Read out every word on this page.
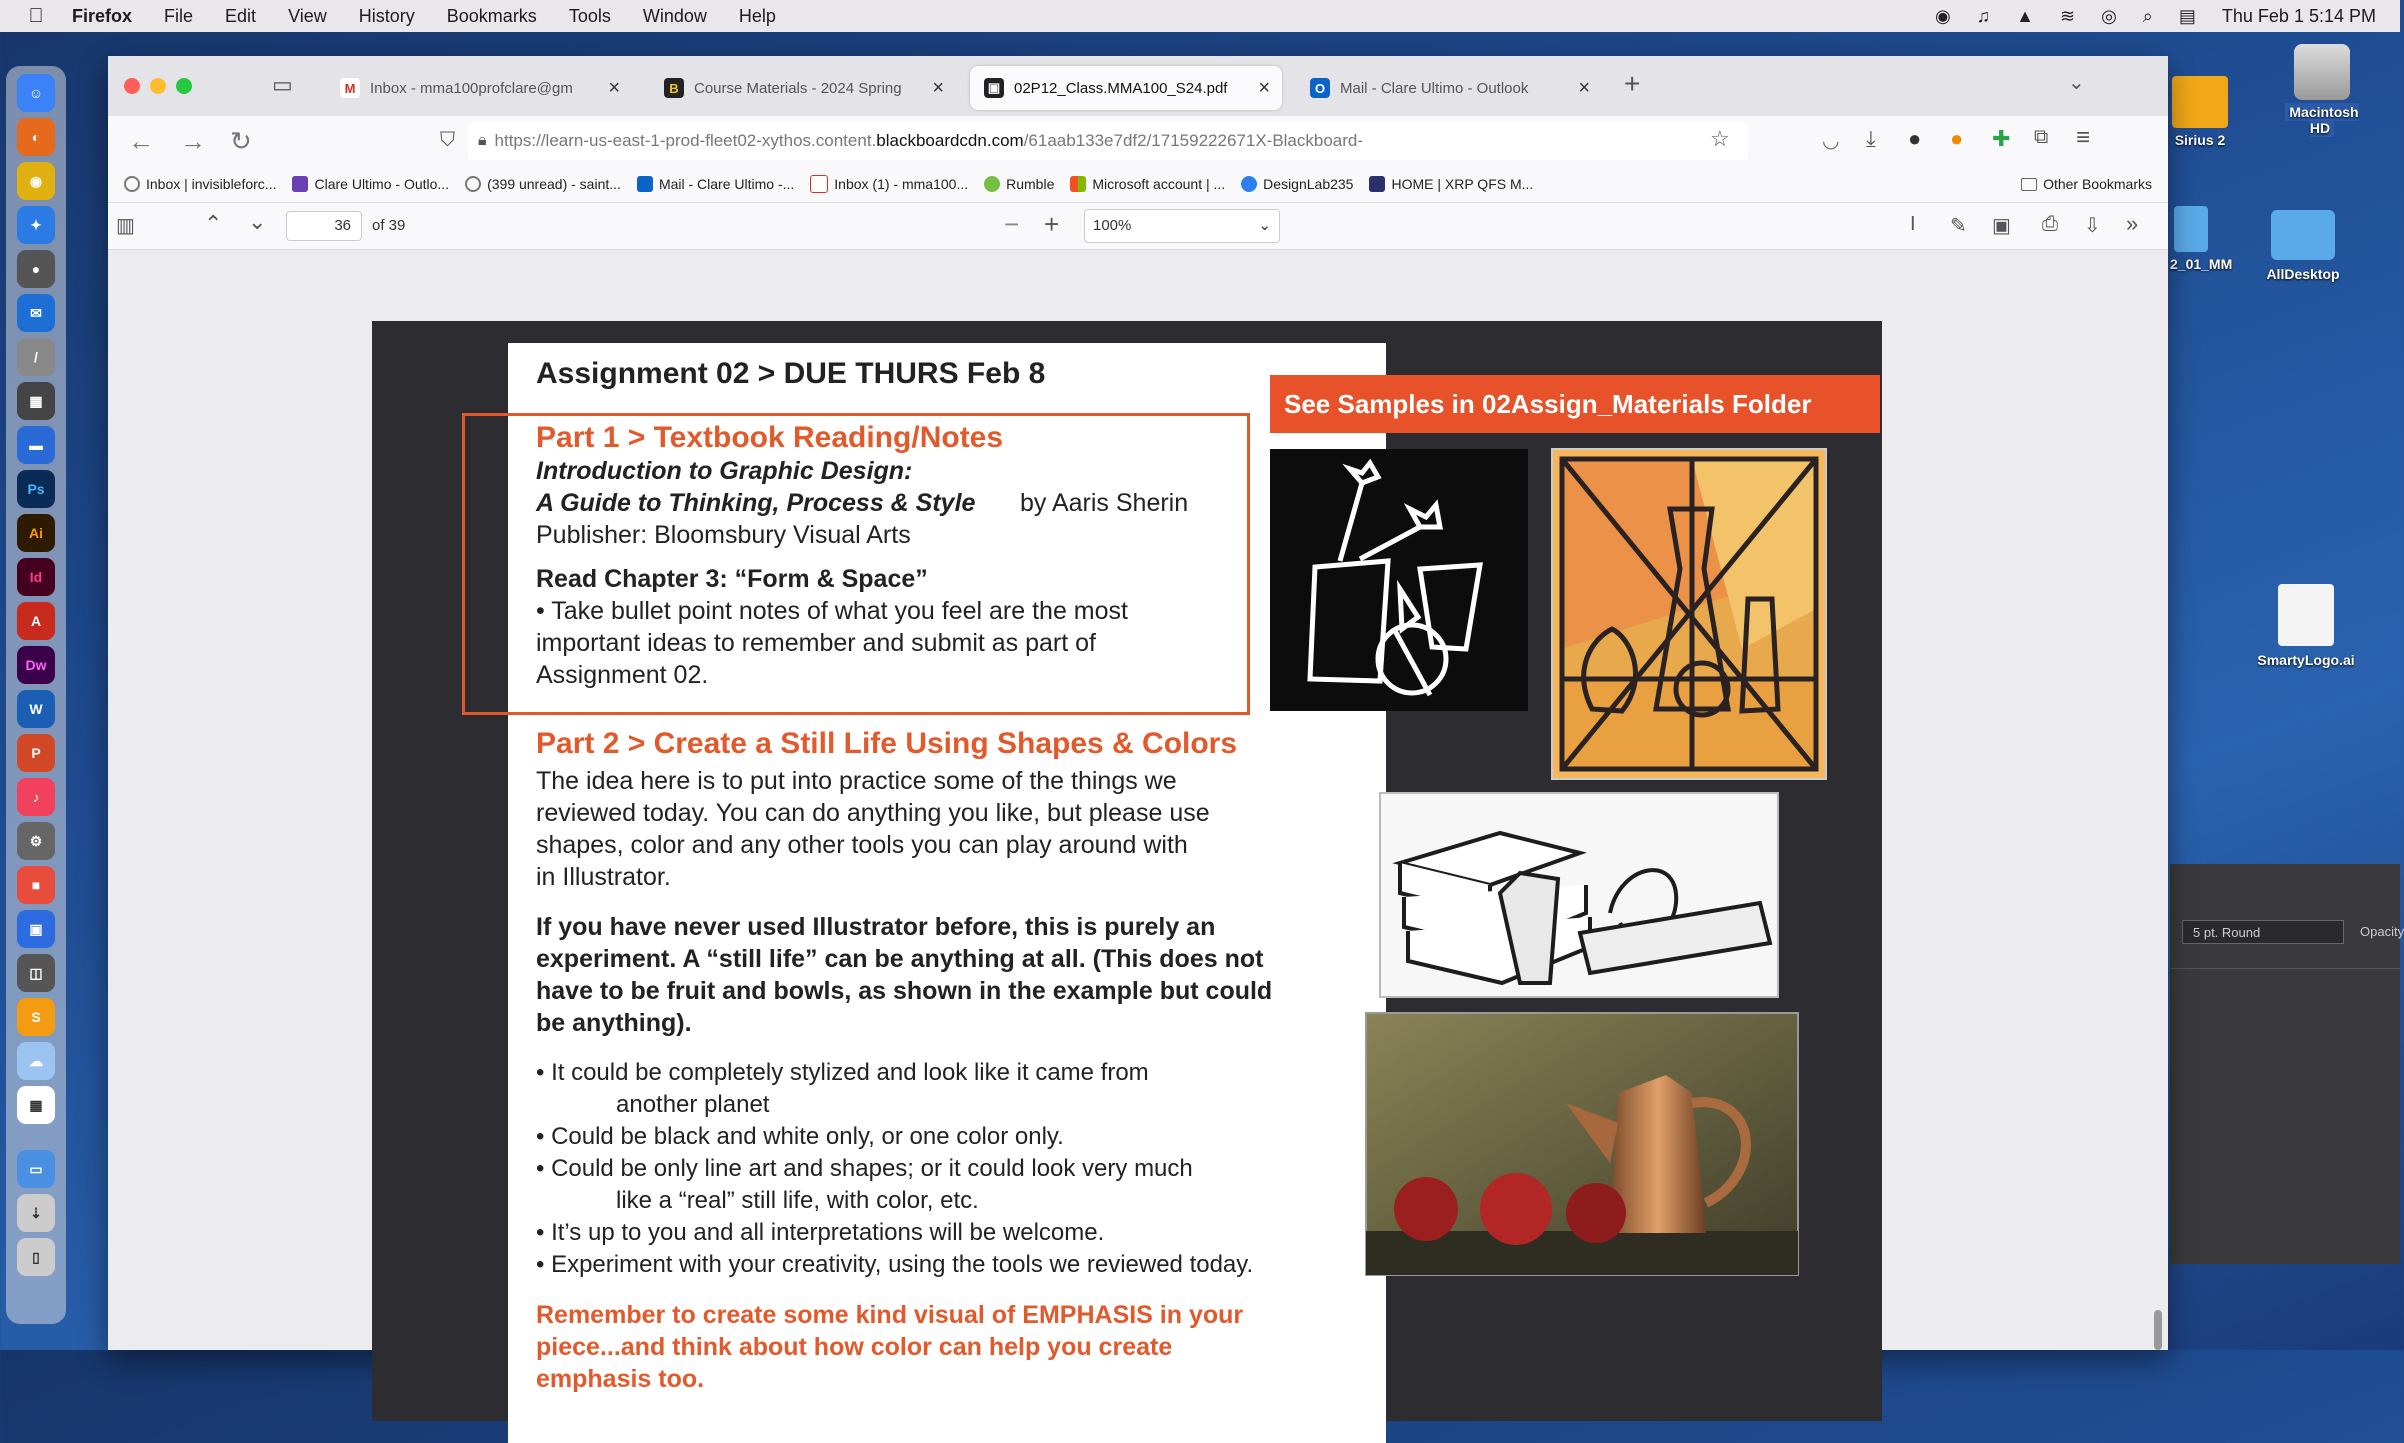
Firefox File Edit View History Bookmarks Tools Window Help	◉ ♫ ▲ ≋ ◎ ⌕ ▤ Thu Feb 1 5:14 PM
☺
◐
◉
✦
●
✉
/
▦
▬
Ps
Ai
Id
A
Dw
W
P
♪
⚙
■
▣
◫
S
☁
▦
▭
⇣
▯
Macintosh HD
Sirius 2
2_01_MM
AllDesktop
SmartyLogo.ai
5 pt. Round	Opacity
▭	M Inbox - mma100profclare@gm ×	B	Course Materials - 2024 Spring ×	▣ 02P12_Class.MMA100_S24.pdf ×	O Mail - Clare Ultimo - Outlook × +	⌄
← → ↻	⛉ 🔒︎ https://learn-us-east-1-prod-fleet02-xythos.content. blackboardcdn.com /61aab133e7df2/17159222671X-Blackboard-	☆	◡ ⤓ ● ● ✚ ⧉ ≡
Inbox | invisibleforc...	Clare Ultimo - Outlo...	(399 unread) - saint...	Mail - Clare Ultimo -...	Inbox (1) - mma100...	Rumble	Microsoft account | ...	DesignLab235	HOME | XRP QFS M...	Other Bookmarks
▥	⌃ ⌄	36	of 39	− +	100%	⌄	I ✎ ▣ ⎙ ⇩ »
Assignment 02 > DUE THURS Feb 8
Part 1 > Textbook Reading/Notes
Introduction to Graphic Design:
A Guide to Thinking, Process & Style by Aaris Sherin
Publisher: Bloomsbury Visual Arts
Read Chapter 3: “Form & Space”
• Take bullet point notes of what you feel are the most
important ideas to remember and submit as part of
Assignment 02.
Part 2 > Create a Still Life Using Shapes & Colors
The idea here is to put into practice some of the things we
reviewed today. You can do anything you like, but please use
shapes, color and any other tools you can play around with
in Illustrator.
If you have never used Illustrator before, this is purely an
experiment. A “still life” can be anything at all. (This does not
have to be fruit and bowls, as shown in the example but could
be anything).
• It could be completely stylized and look like it came from
another planet
• Could be black and white only, or one color only.
• Could be only line art and shapes; or it could look very much
like a “real” still life, with color, etc.
• It’s up to you and all interpretations will be welcome.
• Experiment with your creativity, using the tools we reviewed today.
Remember to create some kind visual of EMPHASIS in your
piece...and think about how color can help you create
emphasis too.
See Samples in 02Assign_Materials Folder
